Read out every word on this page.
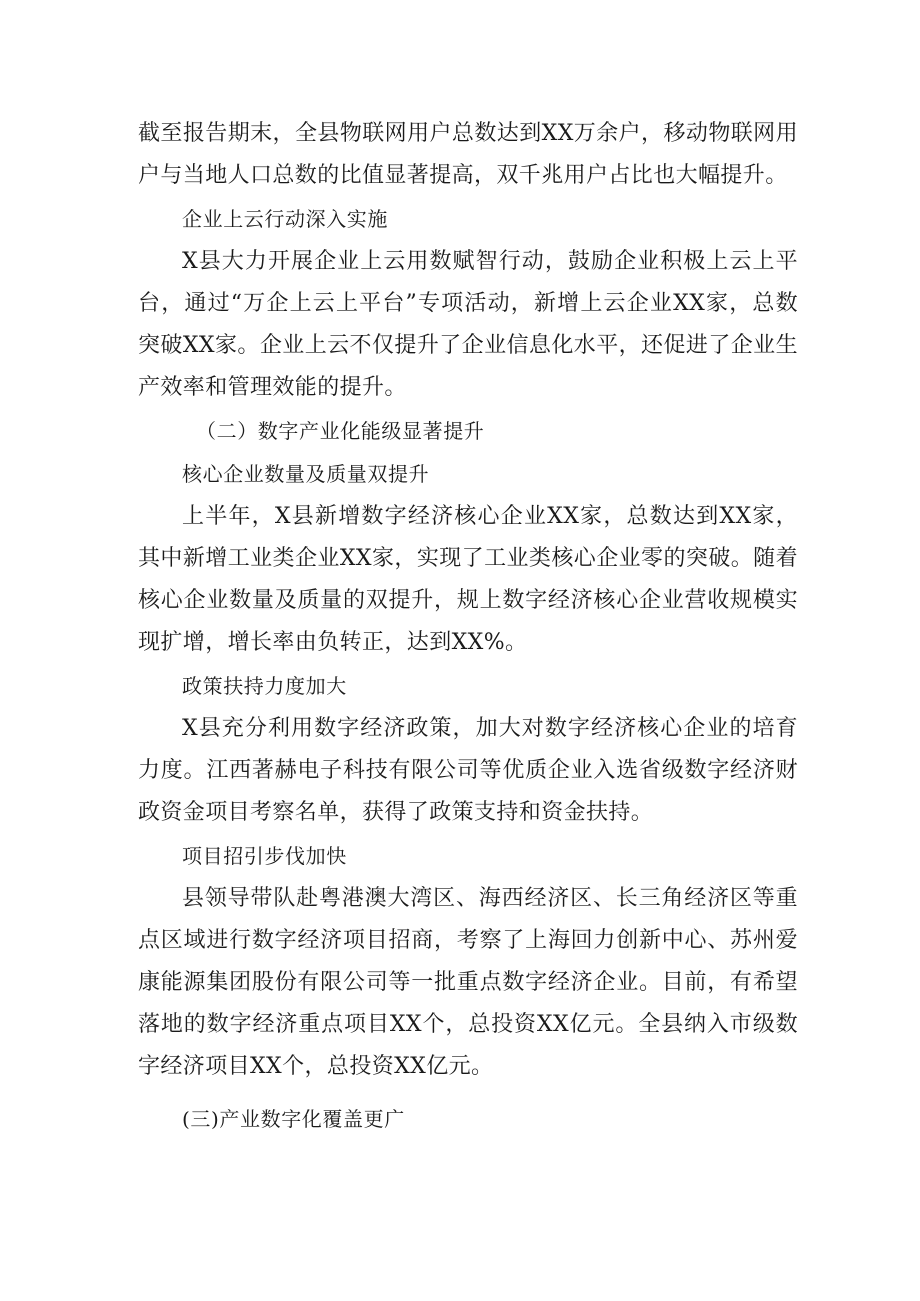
截至报告期末，全县物联网用户总数达到XX万余户，移动物联网用户与当地人口总数的比值显著提高，双千兆用户占比也大幅提升。

企业上云行动深入实施

X县大力开展企业上云用数赋智行动，鼓励企业积极上云上平台，通过“万企上云上平台”专项活动，新增上云企业XX家，总数突破XX家。企业上云不仅提升了企业信息化水平，还促进了企业生产效率和管理效能的提升。

（二）数字产业化能级显著提升

核心企业数量及质量双提升

上半年，X县新增数字经济核心企业XX家，总数达到XX家，其中新增工业类企业XX家，实现了工业类核心企业零的突破。随着核心企业数量及质量的双提升，规上数字经济核心企业营收规模实现扩增，增长率由负转正，达到XX%。

政策扶持力度加大

X县充分利用数字经济政策，加大对数字经济核心企业的培育力度。江西著赫电子科技有限公司等优质企业入选省级数字经济财政资金项目考察名单，获得了政策支持和资金扶持。

项目招引步伐加快

县领导带队赴粤港澳大湾区、海西经济区、长三角经济区等重点区域进行数字经济项目招商，考察了上海回力创新中心、苏州爱康能源集团股份有限公司等一批重点数字经济企业。目前，有希望落地的数字经济重点项目XX个，总投资XX亿元。全县纳入市级数字经济项目XX个，总投资XX亿元。

(三)产业数字化覆盖更广
